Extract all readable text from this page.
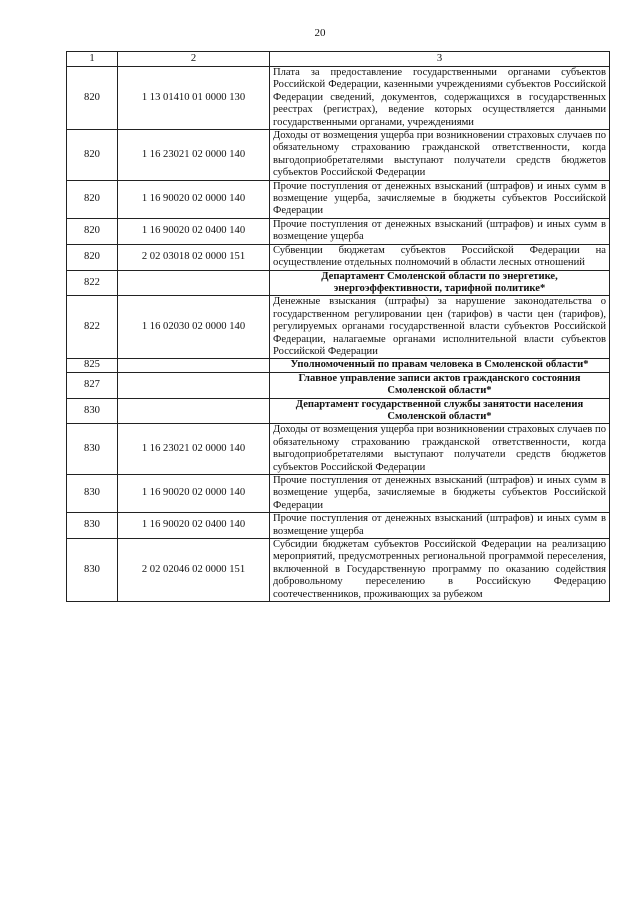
20
1	2	3
820	1 13 01410 01 0000 130	Плата за предоставление государственными органами субъектов Российской Федерации, казенными учреждениями субъектов Российской Федерации сведений, документов, содержащихся в государственных реестрах (регистрах), ведение которых осуществляется данными государственными органами, учреждениями
820	1 16 23021 02 0000 140	Доходы от возмещения ущерба при возникновении страховых случаев по обязательному страхованию гражданской ответственности, когда выгодоприобретателями выступают получатели средств бюджетов субъектов Российской Федерации
820	1 16 90020 02 0000 140	Прочие поступления от денежных взысканий (штрафов) и иных сумм в возмещение ущерба, зачисляемые в бюджеты субъектов Российской Федерации
820	1 16 90020 02 0400 140	Прочие поступления от денежных взысканий (штрафов) и иных сумм в возмещение ущерба
820	2 02 03018 02 0000 151	Субвенции бюджетам субъектов Российской Федерации на осуществление отдельных полномочий в области лесных отношений
822		Департамент Смоленской области по энергетике, энергоэффективности, тарифной политике*
822	1 16 02030 02 0000 140	Денежные взыскания (штрафы) за нарушение законодательства о государственном регулировании цен (тарифов) в части цен (тарифов), регулируемых органами государственной власти субъектов Российской Федерации, налагаемые органами исполнительной власти субъектов Российской Федерации
825		Уполномоченный по правам человека в Смоленской области*
827		Главное управление записи актов гражданского состояния Смоленской области*
830		Департамент государственной службы занятости населения Смоленской области*
830	1 16 23021 02 0000 140	Доходы от возмещения ущерба при возникновении страховых случаев по обязательному страхованию гражданской ответственности, когда выгодоприобретателями выступают получатели средств бюджетов субъектов Российской Федерации
830	1 16 90020 02 0000 140	Прочие поступления от денежных взысканий (штрафов) и иных сумм в возмещение ущерба, зачисляемые в бюджеты субъектов Российской Федерации
830	1 16 90020 02 0400 140	Прочие поступления от денежных взысканий (штрафов) и иных сумм в возмещение ущерба
830	2 02 02046 02 0000 151	Субсидии бюджетам субъектов Российской Федерации на реализацию мероприятий, предусмотренных региональной программой переселения, включенной в Государственную программу по оказанию содействия добровольному переселению в Российскую Федерацию соотечественников, проживающих за рубежом
